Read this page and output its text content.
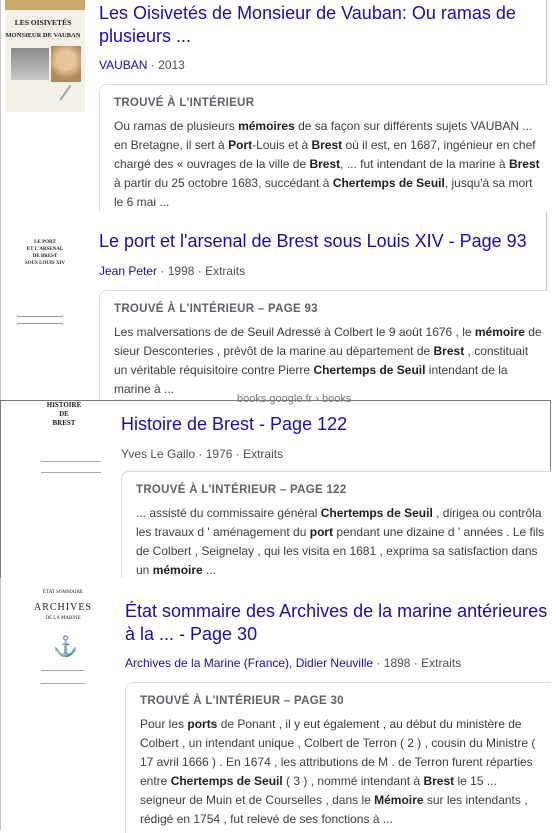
LES OISIVETÉS
MONSIEUR DE VAUBAN
Les Oisivetés de Monsieur de Vauban: Ou ramas de plusieurs ...
VAUBAN · 2013
TROUVÉ À L'INTÉRIEUR
Ou ramas de plusieurs mémoires de sa façon sur différents sujets VAUBAN ... en Bretagne, il sert à Port-Louis et à Brest où il est, en 1687, ingénieur en chef chargé des « ouvrages de la ville de Brest, ... fut intendant de la marine à Brest à partir du 25 octobre 1683, succédant à Chertemps de Seuil, jusqu'à sa mort le 6 mai ...
LE PORT
ET L'ARSENAL
DE BREST
SOUS LOUIS XIV
Le port et l'arsenal de Brest sous Louis XIV - Page 93
Jean Peter · 1998 · Extraits
TROUVÉ À L'INTÉRIEUR – PAGE 93
Les malversations de de Seuil Adressé à Colbert le 9 août 1676 , le mémoire de sieur Desconteries , prévôt de la marine au département de Brest , constituait un véritable réquisitoire contre Pierre Chertemps de Seuil intendant de la marine à ...
books.google.fr › books
HISTOIRE
DE
BREST	Histoire de Brest - Page 122
Yves Le Gallo · 1976 · Extraits
TROUVÉ À L'INTÉRIEUR – PAGE 122
... assisté du commissaire général Chertemps de Seuil , dirigea ou contrôla les travaux d ' aménagement du port pendant une dizaine d ' années . Le fils de Colbert , Seignelay , qui les visita en 1681 , exprima sa satisfaction dans un mémoire ...
ÉTAT SOMMAIRE
ARCHIVES
DE LA MARINE
⚓
État sommaire des Archives de la marine antérieures à la ... - Page 30
Archives de la Marine (France), Didier Neuville · 1898 · Extraits
TROUVÉ À L'INTÉRIEUR – PAGE 30
Pour les ports de Ponant , il y eut également , au début du ministère de Colbert , un intendant unique , Colbert de Terron ( 2 ) , cousin du Ministre ( 17 avril 1666 ) . En 1674 , les attributions de M . de Terron furent réparties entre Chertemps de Seuil ( 3 ) , nommé intendant à Brest le 15 ... seigneur de Muin et de Courselles , dans le Mémoire sur les intendants , rédigé en 1754 , fut relevé de ses fonctions à ...
